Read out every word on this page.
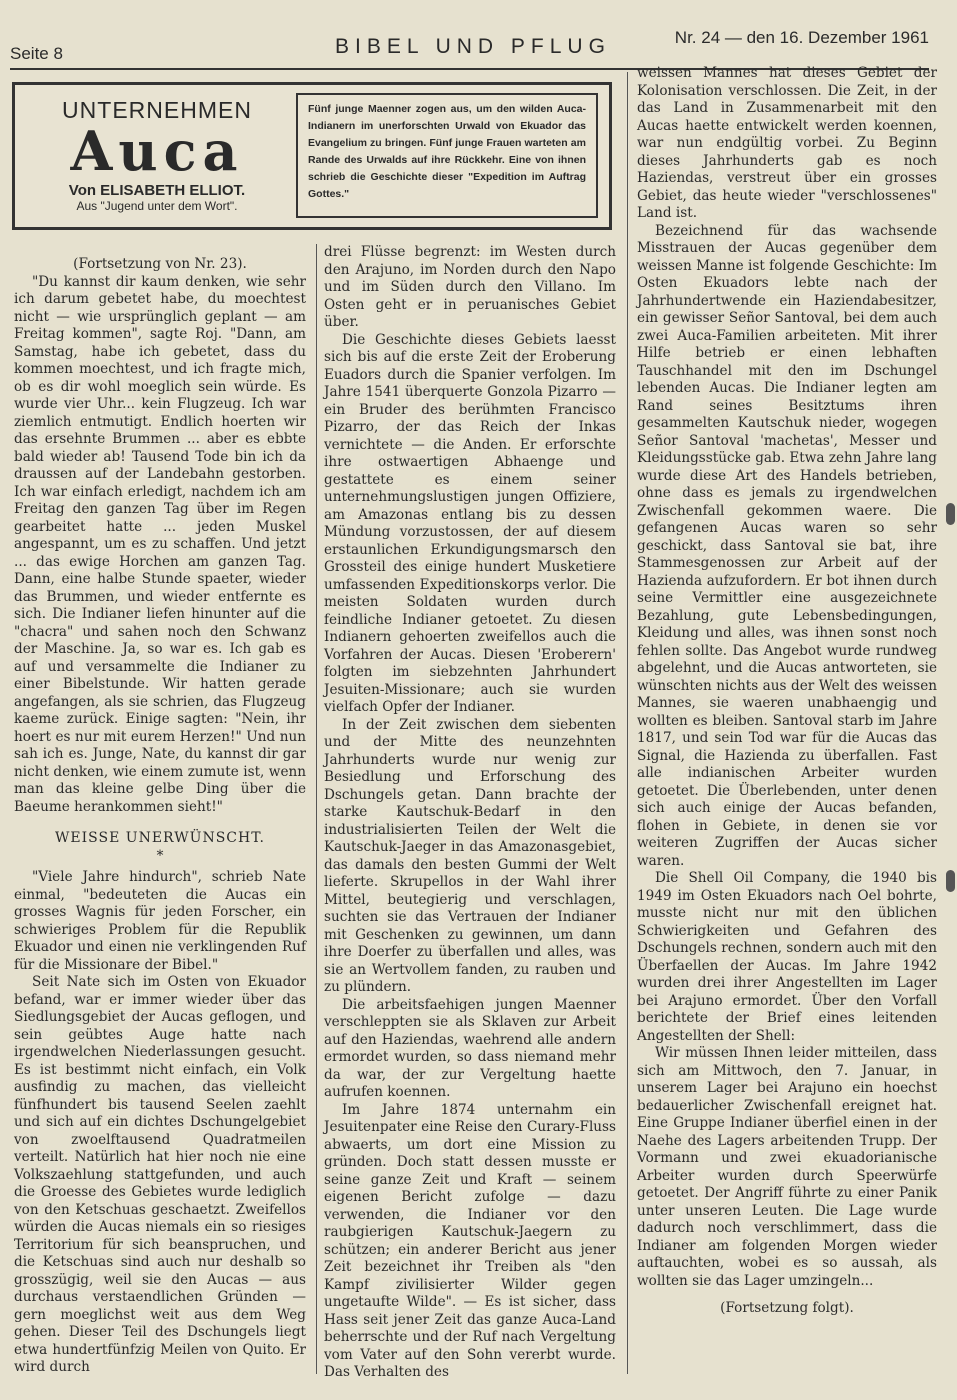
Seite 8	BIBEL UND PFLUG	Nr. 24 — den 16. Dezember 1961
UNTERNEHMEN
Auca
Von ELISABETH ELLIOT.
Aus "Jugend unter dem Wort".
Fünf junge Maenner zogen aus, um den wilden Auca-Indianern im unerforschten Urwald von Ekuador das Evangelium zu bringen. Fünf junge Frauen warteten am Rande des Urwalds auf ihre Rückkehr. Eine von ihnen schrieb die Geschichte dieser "Expedition im Auftrag Gottes."

(Fortsetzung von Nr. 23).

"Du kannst dir kaum denken, wie sehr ich darum gebetet habe, du moechtest nicht — wie ursprünglich geplant — am Freitag kommen", sagte Roj. "Dann, am Samstag, habe ich gebetet, dass du kommen moechtest, und ich fragte mich, ob es dir wohl moeglich sein würde. Es wurde vier Uhr... kein Flugzeug. Ich war ziemlich entmutigt. Endlich hoerten wir das ersehnte Brummen ... aber es ebbte bald wieder ab! Tausend Tode bin ich da draussen auf der Landebahn gestorben. Ich war einfach erledigt, nachdem ich am Freitag den ganzen Tag über im Regen gearbeitet hatte ... jeden Muskel angespannt, um es zu schaffen. Und jetzt ... das ewige Horchen am ganzen Tag. Dann, eine halbe Stunde spaeter, wieder das Brummen, und wieder entfernte es sich. Die Indianer liefen hinunter auf die "chacra" und sahen noch den Schwanz der Maschine. Ja, so war es. Ich gab es auf und versammelte die Indianer zu einer Bibelstunde. Wir hatten gerade angefangen, als sie schrien, das Flugzeug kaeme zurück. Einige sagten: "Nein, ihr hoert es nur mit eurem Herzen!" Und nun sah ich es. Junge, Nate, du kannst dir gar nicht denken, wie einem zumute ist, wenn man das kleine gelbe Ding über die Baeume herankommen sieht!"

WEISSE UNERWÜNSCHT.
*

"Viele Jahre hindurch", schrieb Nate einmal, "bedeuteten die Aucas ein grosses Wagnis für jeden Forscher, ein schwieriges Problem für die Republik Ekuador und einen nie verklingenden Ruf für die Missionare der Bibel."

Seit Nate sich im Osten von Ekuador befand, war er immer wieder über das Siedlungsgebiet der Aucas geflogen, und sein geübtes Auge hatte nach irgendwelchen Niederlassungen gesucht. Es ist bestimmt nicht einfach, ein Volk ausfindig zu machen, das vielleicht fünfhundert bis tausend Seelen zaehlt und sich auf ein dichtes Dschungelgebiet von zwoelftausend Quadratmeilen verteilt. Natürlich hat hier noch nie eine Volkszaehlung stattgefunden, und auch die Groesse des Gebietes wurde lediglich von den Ketschuas geschaetzt. Zweifellos würden die Aucas niemals ein so riesiges Territorium für sich beanspruchen, und die Ketschuas sind auch nur deshalb so grosszügig, weil sie den Aucas — aus durchaus verstaendlichen Gründen — gern moeglichst weit aus dem Weg gehen. Dieser Teil des Dschungels liegt etwa hundertfünfzig Meilen von Quito. Er wird durch

drei Flüsse begrenzt: im Westen durch den Arajuno, im Norden durch den Napo und im Süden durch den Villano. Im Osten geht er in peruanisches Gebiet über.

Die Geschichte dieses Gebiets laesst sich bis auf die erste Zeit der Eroberung Euadors durch die Spanier verfolgen. Im Jahre 1541 überquerte Gonzola Pizarro — ein Bruder des berühmten Francisco Pizarro, der das Reich der Inkas vernichtete — die Anden. Er erforschte ihre ostwaertigen Abhaenge und gestattete es einem seiner unternehmungslustigen jungen Offiziere, am Amazonas entlang bis zu dessen Mündung vorzustossen, der auf diesem erstaunlichen Erkundigungsmarsch den Grossteil des einige hundert Musketiere umfassenden Expeditionskorps verlor. Die meisten Soldaten wurden durch feindliche Indianer getoetet. Zu diesen Indianern gehoerten zweifellos auch die Vorfahren der Aucas. Diesen 'Eroberern' folgten im siebzehnten Jahrhundert Jesuiten-Missionare; auch sie wurden vielfach Opfer der Indianer.

In der Zeit zwischen dem siebenten und der Mitte des neunzehnten Jahrhunderts wurde nur wenig zur Besiedlung und Erforschung des Dschungels getan. Dann brachte der starke Kautschuk-Bedarf in den industrialisierten Teilen der Welt die Kautschuk-Jaeger in das Amazonasgebiet, das damals den besten Gummi der Welt lieferte. Skrupellos in der Wahl ihrer Mittel, beutegierig und verschlagen, suchten sie das Vertrauen der Indianer mit Geschenken zu gewinnen, um dann ihre Doerfer zu überfallen und alles, was sie an Wertvollem fanden, zu rauben und zu plündern.

Die arbeitsfaehigen jungen Maenner verschleppten sie als Sklaven zur Arbeit auf den Haziendas, waehrend alle andern ermordet wurden, so dass niemand mehr da war, der zur Vergeltung haette aufrufen koennen.

Im Jahre 1874 unternahm ein Jesuitenpater eine Reise den Curary-Fluss abwaerts, um dort eine Mission zu gründen. Doch statt dessen musste er seine ganze Zeit und Kraft — seinem eigenen Bericht zufolge — dazu verwenden, die Indianer vor den raubgierigen Kautschuk-Jaegern zu schützen; ein anderer Bericht aus jener Zeit bezeichnet ihr Treiben als "den Kampf zivilisierter Wilder gegen ungetaufte Wilde". — Es ist sicher, dass Hass seit jener Zeit das ganze Auca-Land beherrschte und der Ruf nach Vergeltung vom Vater auf den Sohn vererbt wurde. Das Verhalten des

weissen Mannes hat dieses Gebiet der Kolonisation verschlossen. Die Zeit, in der das Land in Zusammenarbeit mit den Aucas haette entwickelt werden koennen, war nun endgültig vorbei. Zu Beginn dieses Jahrhunderts gab es noch Haziendas, verstreut über ein grosses Gebiet, das heute wieder "verschlossenes" Land ist.

Bezeichnend für das wachsende Misstrauen der Aucas gegenüber dem weissen Manne ist folgende Geschichte: Im Osten Ekuadors lebte nach der Jahrhundertwende ein Haziendabesitzer, ein gewisser Señor Santoval, bei dem auch zwei Auca-Familien arbeiteten. Mit ihrer Hilfe betrieb er einen lebhaften Tauschhandel mit den im Dschungel lebenden Aucas. Die Indianer legten am Rand seines Besitztums ihren gesammelten Kautschuk nieder, wogegen Señor Santoval 'machetas', Messer und Kleidungsstücke gab. Etwa zehn Jahre lang wurde diese Art des Handels betrieben, ohne dass es jemals zu irgendwelchen Zwischenfall gekommen waere. Die gefangenen Aucas waren so sehr geschickt, dass Santoval sie bat, ihre Stammesgenossen zur Arbeit auf der Hazienda aufzufordern. Er bot ihnen durch seine Vermittler eine ausgezeichnete Bezahlung, gute Lebensbedingungen, Kleidung und alles, was ihnen sonst noch fehlen sollte. Das Angebot wurde rundweg abgelehnt, und die Aucas antworteten, sie wünschten nichts aus der Welt des weissen Mannes, sie waeren unabhaengig und wollten es bleiben. Santoval starb im Jahre 1817, und sein Tod war für die Aucas das Signal, die Hazienda zu überfallen. Fast alle indianischen Arbeiter wurden getoetet. Die Überlebenden, unter denen sich auch einige der Aucas befanden, flohen in Gebiete, in denen sie vor weiteren Zugriffen der Aucas sicher waren.

Die Shell Oil Company, die 1940 bis 1949 im Osten Ekuadors nach Oel bohrte, musste nicht nur mit den üblichen Schwierigkeiten und Gefahren des Dschungels rechnen, sondern auch mit den Überfaellen der Aucas. Im Jahre 1942 wurden drei ihrer Angestellten im Lager bei Arajuno ermordet. Über den Vorfall berichtete der Brief eines leitenden Angestellten der Shell:

Wir müssen Ihnen leider mitteilen, dass sich am Mittwoch, den 7. Januar, in unserem Lager bei Arajuno ein hoechst bedauerlicher Zwischenfall ereignet hat. Eine Gruppe Indianer überfiel einen in der Naehe des Lagers arbeitenden Trupp. Der Vormann und zwei ekuadorianische Arbeiter wurden durch Speerwürfe getoetet. Der Angriff führte zu einer Panik unter unseren Leuten. Die Lage wurde dadurch noch verschlimmert, dass die Indianer am folgenden Morgen wieder auftauchten, wobei es so aussah, als wollten sie das Lager umzingeln...

(Fortsetzung folgt).
